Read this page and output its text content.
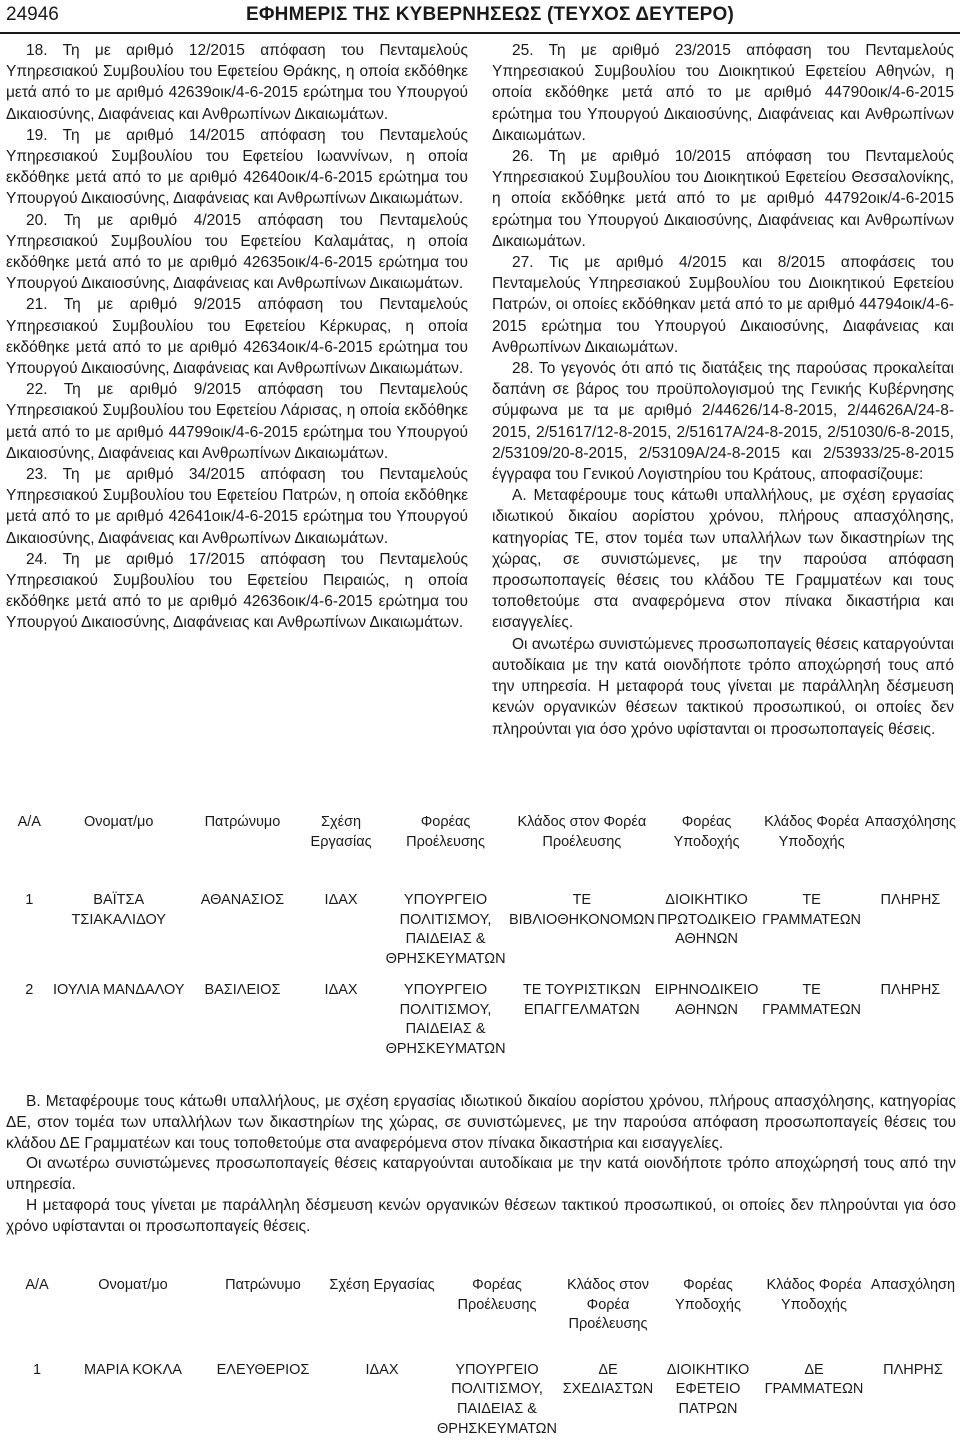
24946	ΕΦΗΜΕΡΙΣ ΤΗΣ ΚΥΒΕΡΝΗΣΕΩΣ (ΤΕΥΧΟΣ ΔΕΥΤΕΡΟ)

18. Τη με αριθμό 12/2015 απόφαση του Πενταμελούς Υπηρεσιακού Συμβουλίου του Εφετείου Θράκης, η οποία εκδόθηκε μετά από το με αριθμό 42639οικ/4-6-2015 ερώτημα του Υπουργού Δικαιοσύνης, Διαφάνειας και Ανθρωπίνων Δικαιωμάτων.

19. Τη με αριθμό 14/2015 απόφαση του Πενταμελούς Υπηρεσιακού Συμβουλίου του Εφετείου Ιωαννίνων, η οποία εκδόθηκε μετά από το με αριθμό 42640οικ/4-6-2015 ερώτημα του Υπουργού Δικαιοσύνης, Διαφάνειας και Ανθρωπίνων Δικαιωμάτων.

20. Τη με αριθμό 4/2015 απόφαση του Πενταμελούς Υπηρεσιακού Συμβουλίου του Εφετείου Καλαμάτας, η οποία εκδόθηκε μετά από το με αριθμό 42635οικ/4-6-2015 ερώτημα του Υπουργού Δικαιοσύνης, Διαφάνειας και Ανθρωπίνων Δικαιωμάτων.

21. Τη με αριθμό 9/2015 απόφαση του Πενταμελούς Υπηρεσιακού Συμβουλίου του Εφετείου Κέρκυρας, η οποία εκδόθηκε μετά από το με αριθμό 42634οικ/4-6-2015 ερώτημα του Υπουργού Δικαιοσύνης, Διαφάνειας και Ανθρωπίνων Δικαιωμάτων.

22. Τη με αριθμό 9/2015 απόφαση του Πενταμελούς Υπηρεσιακού Συμβουλίου του Εφετείου Λάρισας, η οποία εκδόθηκε μετά από το με αριθμό 44799οικ/4-6-2015 ερώτημα του Υπουργού Δικαιοσύνης, Διαφάνειας και Ανθρωπίνων Δικαιωμάτων.

23. Τη με αριθμό 34/2015 απόφαση του Πενταμελούς Υπηρεσιακού Συμβουλίου του Εφετείου Πατρών, η οποία εκδόθηκε μετά από το με αριθμό 42641οικ/4-6-2015 ερώτημα του Υπουργού Δικαιοσύνης, Διαφάνειας και Ανθρωπίνων Δικαιωμάτων.

24. Τη με αριθμό 17/2015 απόφαση του Πενταμελούς Υπηρεσιακού Συμβουλίου του Εφετείου Πειραιώς, η οποία εκδόθηκε μετά από το με αριθμό 42636οικ/4-6-2015 ερώτημα του Υπουργού Δικαιοσύνης, Διαφάνειας και Ανθρωπίνων Δικαιωμάτων.

25. Τη με αριθμό 23/2015 απόφαση του Πενταμελούς Υπηρεσιακού Συμβουλίου του Διοικητικού Εφετείου Αθηνών, η οποία εκδόθηκε μετά από το με αριθμό 44790οικ/4-6-2015 ερώτημα του Υπουργού Δικαιοσύνης, Διαφάνειας και Ανθρωπίνων Δικαιωμάτων.

26. Τη με αριθμό 10/2015 απόφαση του Πενταμελούς Υπηρεσιακού Συμβουλίου του Διοικητικού Εφετείου Θεσσαλονίκης, η οποία εκδόθηκε μετά από το με αριθμό 44792οικ/4-6-2015 ερώτημα του Υπουργού Δικαιοσύνης, Διαφάνειας και Ανθρωπίνων Δικαιωμάτων.

27. Τις με αριθμό 4/2015 και 8/2015 αποφάσεις του Πενταμελούς Υπηρεσιακού Συμβουλίου του Διοικητικού Εφετείου Πατρών, οι οποίες εκδόθηκαν μετά από το με αριθμό 44794οικ/4-6-2015 ερώτημα του Υπουργού Δικαιοσύνης, Διαφάνειας και Ανθρωπίνων Δικαιωμάτων.

28. Το γεγονός ότι από τις διατάξεις της παρούσας προκαλείται δαπάνη σε βάρος του προϋπολογισμού της Γενικής Κυβέρνησης σύμφωνα με τα με αριθμό 2/44626/14-8-2015, 2/44626Α/24-8-2015, 2/51617/12-8-2015, 2/51617Α/24-8-2015, 2/51030/6-8-2015, 2/53109/20-8-2015, 2/53109Α/24-8-2015 και 2/53933/25-8-2015 έγγραφα του Γενικού Λογιστηρίου του Κράτους, αποφασίζουμε:

Α. Μεταφέρουμε τους κάτωθι υπαλλήλους, με σχέση εργασίας ιδιωτικού δικαίου αορίστου χρόνου, πλήρους απασχόλησης, κατηγορίας ΤΕ, στον τομέα των υπαλλήλων των δικαστηρίων της χώρας, σε συνιστώμενες, με την παρούσα απόφαση προσωποπαγείς θέσεις του κλάδου ΤΕ Γραμματέων και τους τοποθετούμε στα αναφερόμενα στον πίνακα δικαστήρια και εισαγγελίες.

Οι ανωτέρω συνιστώμενες προσωποπαγείς θέσεις καταργούνται αυτοδίκαια με την κατά οιονδήποτε τρόπο αποχώρησή τους από την υπηρεσία. Η μεταφορά τους γίνεται με παράλληλη δέσμευση κενών οργανικών θέσεων τακτικού προσωπικού, οι οποίες δεν πληρούνται για όσο χρόνο υφίστανται οι προσωποπαγείς θέσεις.

Α/Α	Ονοματ/μο	Πατρώνυμο	Σχέση Εργασίας	Φορέας Προέλευσης	Κλάδος στον Φορέα Προέλευσης	Φορέας Υποδοχής	Κλάδος Φορέα Υποδοχής	Απασχόλησης

1	ΒΑΪΤΣΑ ΤΣΙΑΚΑΛΙΔΟΥ	ΑΘΑΝΑΣΙΟΣ	ΙΔΑΧ	ΥΠΟΥΡΓΕΙΟ ΠΟΛΙΤΙΣΜΟΥ, ΠΑΙΔΕΙΑΣ & ΘΡΗΣΚΕΥΜΑΤΩΝ	ΤΕ ΒΙΒΛΙΟΘΗΚΟΝΟΜΩΝ	ΔΙΟΙΚΗΤΙΚΟ ΠΡΩΤΟΔΙΚΕΙΟ ΑΘΗΝΩΝ	ΤΕ ΓΡΑΜΜΑΤΕΩΝ	ΠΛΗΡΗΣ
2	ΙΟΥΛΙΑ ΜΑΝΔΑΛΟΥ	ΒΑΣΙΛΕΙΟΣ	ΙΔΑΧ	ΥΠΟΥΡΓΕΙΟ ΠΟΛΙΤΙΣΜΟΥ, ΠΑΙΔΕΙΑΣ & ΘΡΗΣΚΕΥΜΑΤΩΝ	ΤΕ ΤΟΥΡΙΣΤΙΚΩΝ ΕΠΑΓΓΕΛΜΑΤΩΝ	ΕΙΡΗΝΟΔΙΚΕΙΟ ΑΘΗΝΩΝ	ΤΕ ΓΡΑΜΜΑΤΕΩΝ	ΠΛΗΡΗΣ

Β. Μεταφέρουμε τους κάτωθι υπαλλήλους, με σχέση εργασίας ιδιωτικού δικαίου αορίστου χρόνου, πλήρους απασχόλησης, κατηγορίας ΔΕ, στον τομέα των υπαλλήλων των δικαστηρίων της χώρας, σε συνιστώμενες, με την παρούσα απόφαση προσωποπαγείς θέσεις του κλάδου ΔΕ Γραμματέων και τους τοποθετούμε στα αναφερόμενα στον πίνακα δικαστήρια και εισαγγελίες.

Οι ανωτέρω συνιστώμενες προσωποπαγείς θέσεις καταργούνται αυτοδίκαια με την κατά οιονδήποτε τρόπο αποχώρησή τους από την υπηρεσία.

Η μεταφορά τους γίνεται με παράλληλη δέσμευση κενών οργανικών θέσεων τακτικού προσωπικού, οι οποίες δεν πληρούνται για όσο χρόνο υφίστανται οι προσωποπαγείς θέσεις.

Α/Α	Ονοματ/μο	Πατρώνυμο	Σχέση Εργασίας	Φορέας Προέλευσης	Κλάδος στον Φορέα Προέλευσης	Φορέας Υποδοχής	Κλάδος Φορέα Υποδοχής	Απασχόληση

1	ΜΑΡΙΑ ΚΟΚΛΑ	ΕΛΕΥΘΕΡΙΟΣ	ΙΔΑΧ	ΥΠΟΥΡΓΕΙΟ ΠΟΛΙΤΙΣΜΟΥ, ΠΑΙΔΕΙΑΣ & ΘΡΗΣΚΕΥΜΑΤΩΝ	ΔΕ ΣΧΕΔΙΑΣΤΩΝ	ΔΙΟΙΚΗΤΙΚΟ ΕΦΕΤΕΙΟ ΠΑΤΡΩΝ	ΔΕ ΓΡΑΜΜΑΤΕΩΝ	ΠΛΗΡΗΣ
